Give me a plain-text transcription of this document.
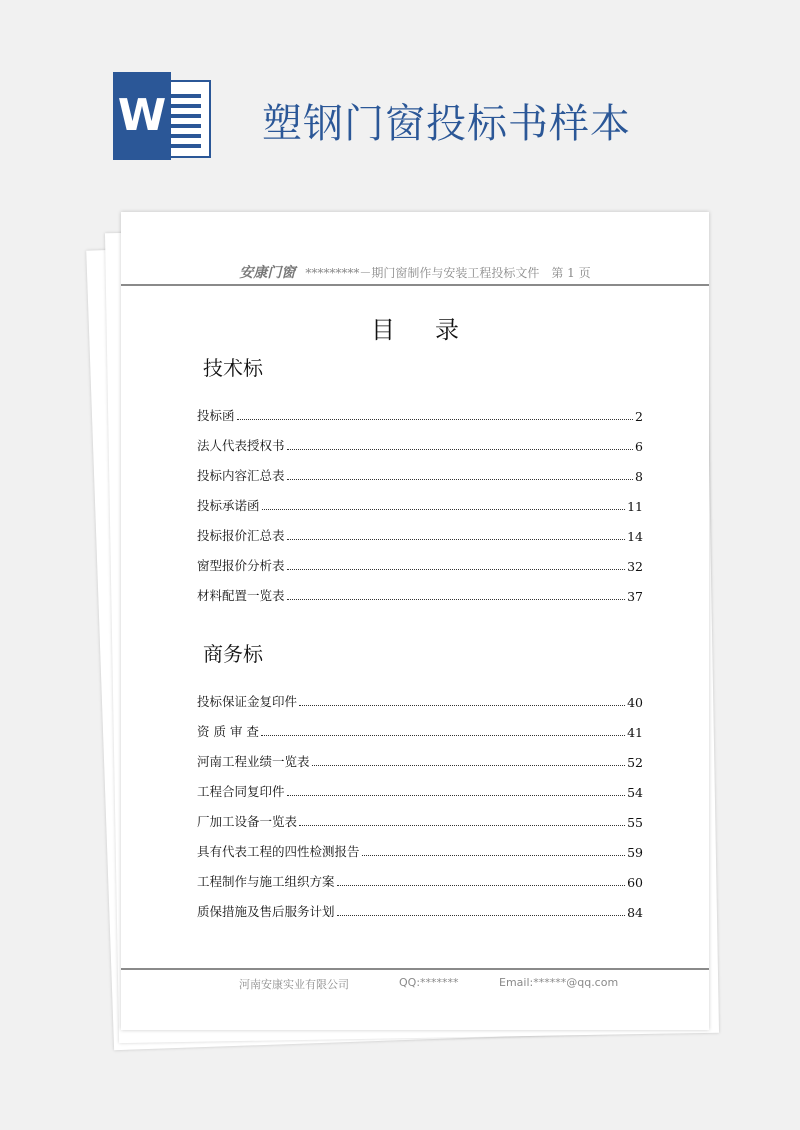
W 塑钢门窗投标书样本
安康门窗 *********－期门窗制作与安装工程投标文件　第 1 页
目录
技术标
投标函	2
法人代表授权书	6
投标内容汇总表	8
投标承诺函	11
投标报价汇总表	14
窗型报价分析表	32
材料配置一览表	37
商务标
投标保证金复印件	40
资 质 审 查	41
河南工程业绩一览表	52
工程合同复印件	54
厂加工设备一览表	55
具有代表工程的四性检测报告	59
工程制作与施工组织方案	60
质保措施及售后服务计划	84
河南安康实业有限公司	QQ:*******	Email:******@qq.com
